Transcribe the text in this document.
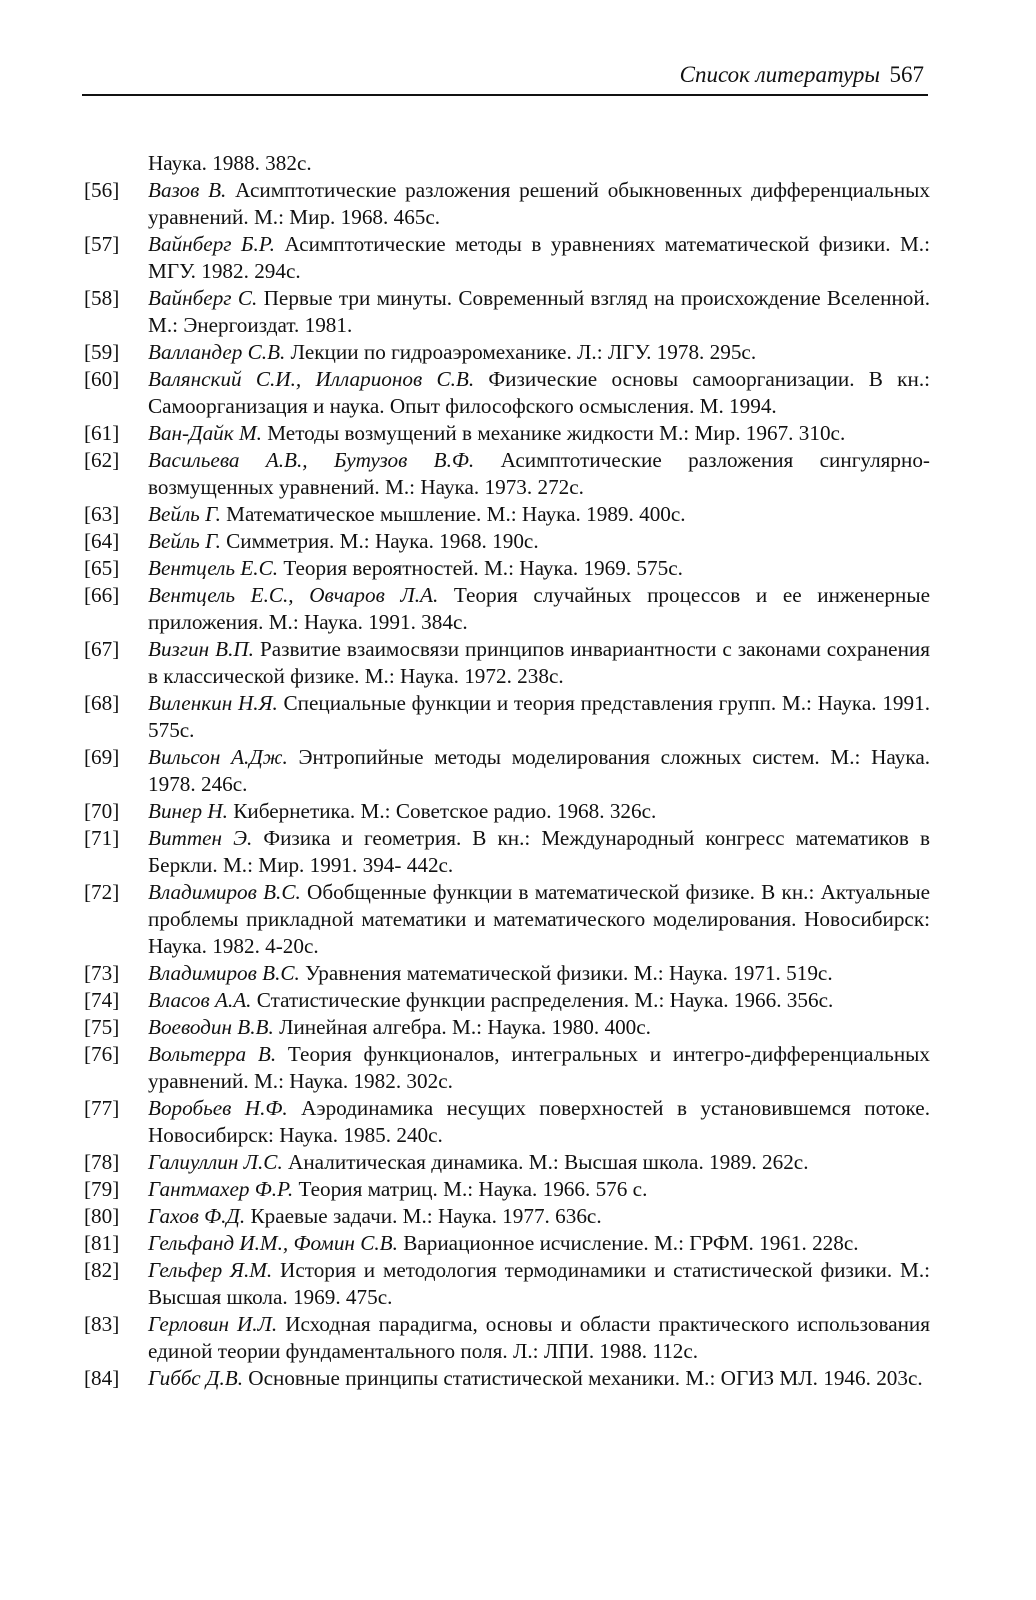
Список литературы 567
Наука. 1988. 382с.
[56]	Вазов В. Асимптотические разложения решений обыкновенных дифференциальных уравнений. М.: Мир. 1968. 465с.
[57]	Вайнберг Б.Р. Асимптотические методы в уравнениях математической физики. М.: МГУ. 1982. 294с.
[58]	Вайнберг С. Первые три минуты. Современный взгляд на происхождение Вселенной. М.: Энергоиздат. 1981.
[59]	Валландер С.В. Лекции по гидроаэромеханике. Л.: ЛГУ. 1978. 295с.
[60]	Валянский С.И., Илларионов С.В. Физические основы самоорганизации. В кн.: Самоорганизация и наука. Опыт философского осмысления. М. 1994.
[61]	Ван-Дайк М. Методы возмущений в механике жидкости М.: Мир. 1967. 310с.
[62]	Васильева А.В., Бутузов В.Ф. Асимптотические разложения сингулярно- возмущенных уравнений. М.: Наука. 1973. 272с.
[63]	Вейль Г. Математическое мышление. М.: Наука. 1989. 400с.
[64]	Вейль Г. Симметрия. М.: Наука. 1968. 190с.
[65]	Вентцель Е.С. Теория вероятностей. М.: Наука. 1969. 575с.
[66]	Вентцель Е.С., Овчаров Л.А. Теория случайных процессов и ее инженерные приложения. М.: Наука. 1991. 384с.
[67]	Визгин В.П. Развитие взаимосвязи принципов инвариантности с законами сохранения в классической физике. М.: Наука. 1972. 238с.
[68]	Виленкин Н.Я. Специальные функции и теория представления групп. М.: Наука. 1991. 575с.
[69]	Вильсон А.Дж. Энтропийные методы моделирования сложных систем. М.: Наука. 1978. 246с.
[70]	Винер Н. Кибернетика. М.: Советское радио. 1968. 326с.
[71]	Виттен Э. Физика и геометрия. В кн.: Международный конгресс математиков в Беркли. М.: Мир. 1991. 394- 442с.
[72]	Владимиров В.С. Обобщенные функции в математической физике. В кн.: Актуальные проблемы прикладной математики и математического моделирования. Новосибирск: Наука. 1982. 4-20с.
[73]	Владимиров В.С. Уравнения математической физики. М.: Наука. 1971. 519с.
[74]	Власов А.А. Статистические функции распределения. М.: Наука. 1966. 356с.
[75]	Воеводин В.В. Линейная алгебра. М.: Наука. 1980. 400с.
[76]	Вольтерра В. Теория функционалов, интегральных и интегро-дифференциальных уравнений. М.: Наука. 1982. 302с.
[77]	Воробьев Н.Ф. Аэродинамика несущих поверхностей в установившемся потоке. Новосибирск: Наука. 1985. 240с.
[78]	Галиуллин Л.С. Аналитическая динамика. М.: Высшая школа. 1989. 262с.
[79]	Гантмахер Ф.Р. Теория матриц. М.: Наука. 1966. 576 с.
[80]	Гахов Ф.Д. Краевые задачи. М.: Наука. 1977. 636с.
[81]	Гельфанд И.М., Фомин С.В. Вариационное исчисление. М.: ГРФМ. 1961. 228с.
[82]	Гельфер Я.М. История и методология термодинамики и статистической физики. М.: Высшая школа. 1969. 475с.
[83]	Герловин И.Л. Исходная парадигма, основы и области практического использования единой теории фундаментального поля. Л.: ЛПИ. 1988. 112с.
[84]	Гиббс Д.В. Основные принципы статистической механики. М.: ОГИЗ МЛ. 1946. 203с.
